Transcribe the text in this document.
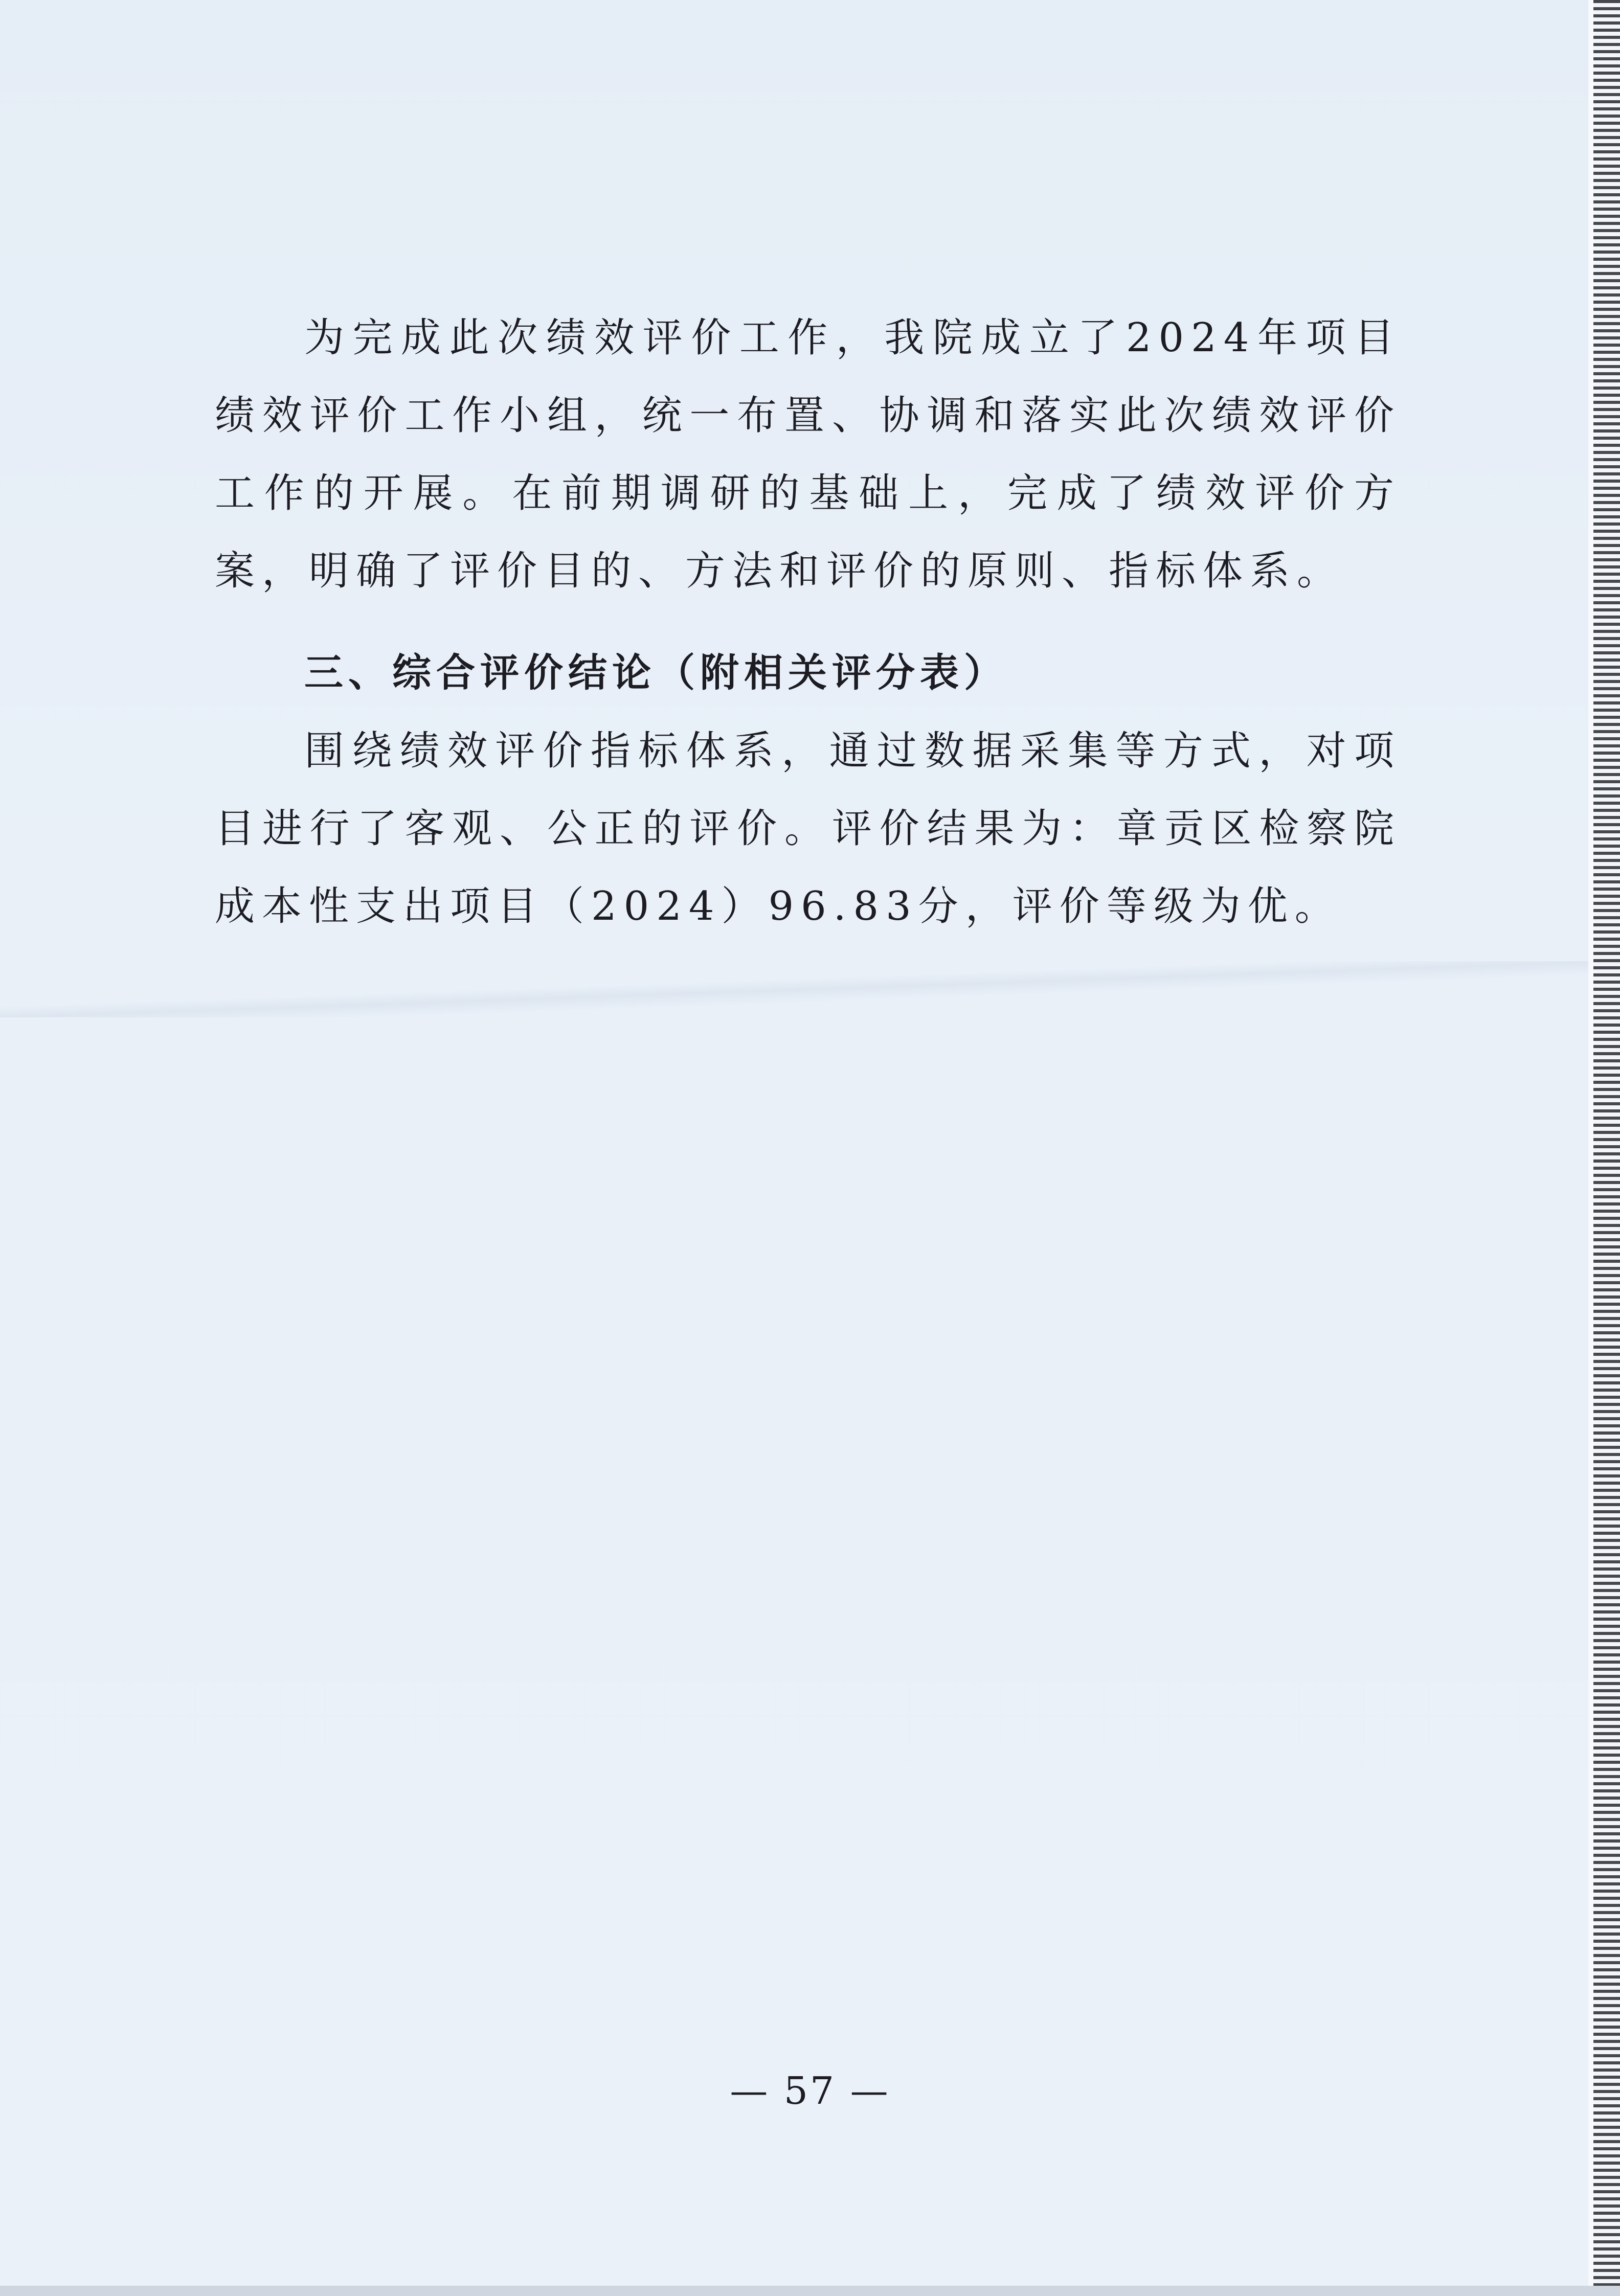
为完成此次绩效评价工作，我院成立了2024年项目绩效评价工作小组，统一布置、协调和落实此次绩效评价工作的开展。在前期调研的基础上，完成了绩效评价方案，明确了评价目的、方法和评价的原则、指标体系。

三、综合评价结论（附相关评分表）

围绕绩效评价指标体系，通过数据采集等方式，对项目进行了客观、公正的评价。评价结果为：章贡区检察院成本性支出项目（2024）96.83分，评价等级为优。

— 57 —
